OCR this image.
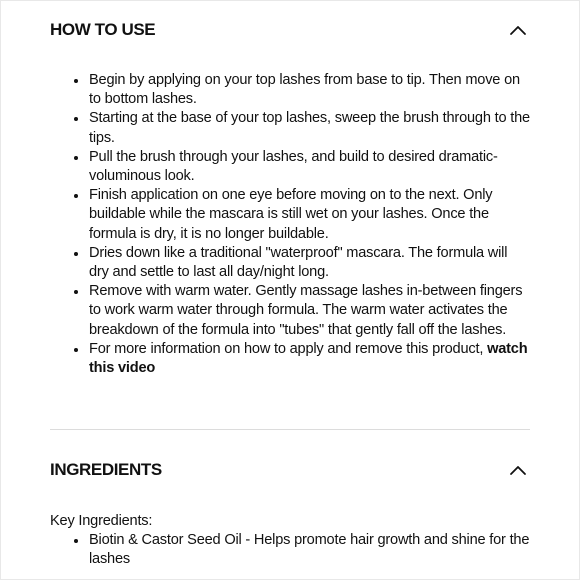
HOW TO USE
Begin by applying on your top lashes from base to tip. Then move on to bottom lashes.
Starting at the base of your top lashes, sweep the brush through to the tips.
Pull the brush through your lashes, and build to desired dramatic-voluminous look.
Finish application on one eye before moving on to the next. Only buildable while the mascara is still wet on your lashes. Once the formula is dry, it is no longer buildable.
Dries down like a traditional "waterproof" mascara. The formula will dry and settle to last all day/night long.
Remove with warm water. Gently massage lashes in-between fingers to work warm water through formula. The warm water activates the breakdown of the formula into "tubes" that gently fall off the lashes.
For more information on how to apply and remove this product, watch this video
INGREDIENTS
Key Ingredients:
Biotin & Castor Seed Oil - Helps promote hair growth and shine for the lashes
